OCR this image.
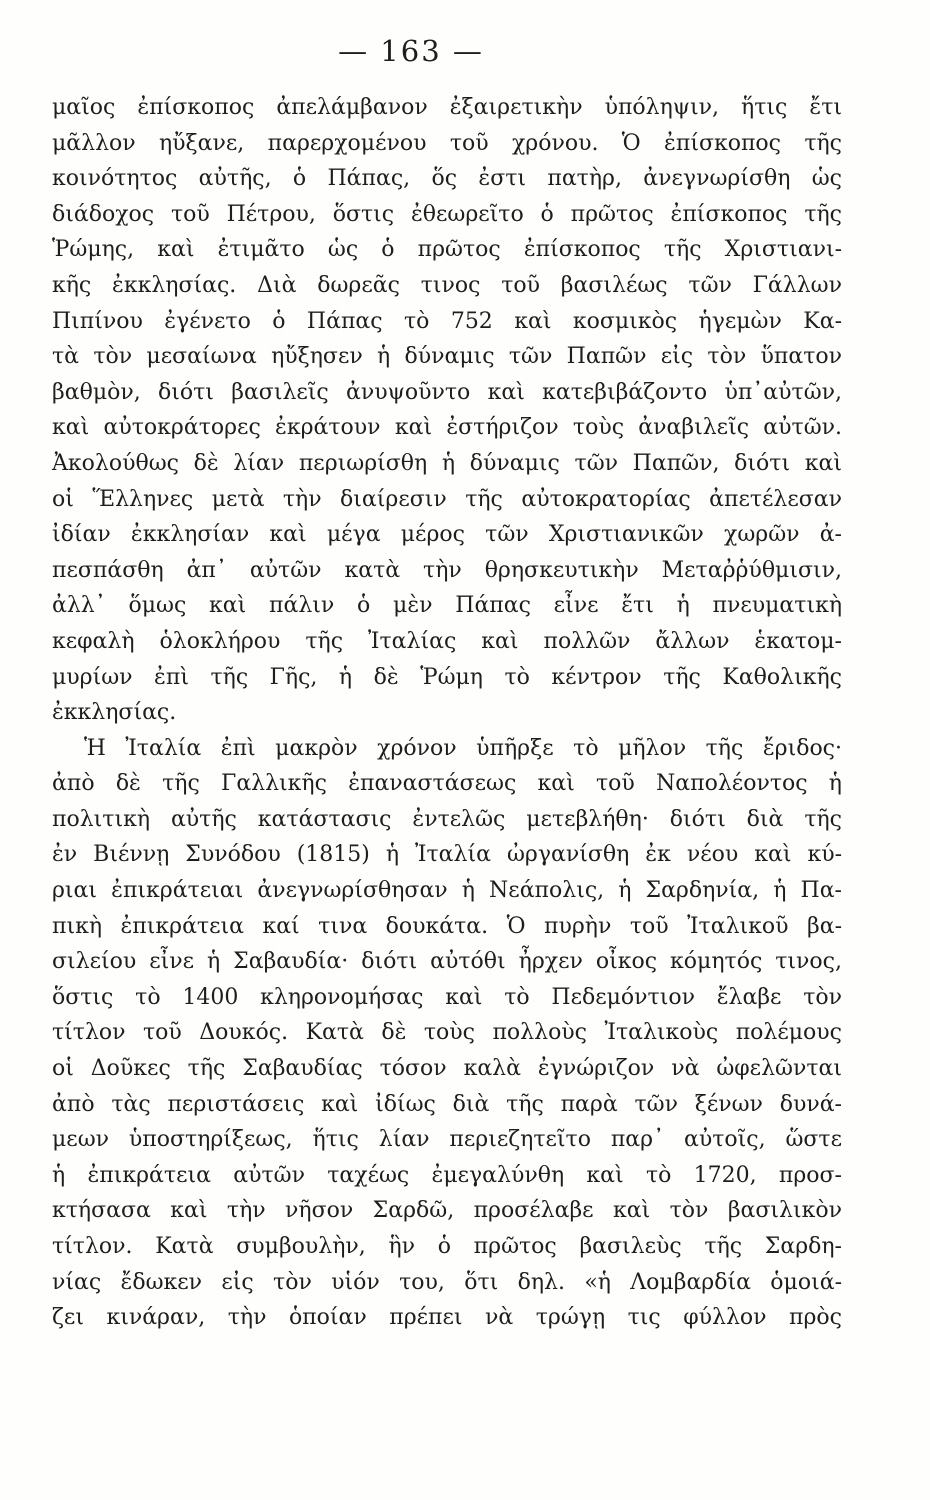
— 163 —
μαῖος ἐπίσκοπος ἀπελάμβανον ἐξαιρετικὴν ὑπόληψιν, ἥτις ἔτι
μᾶλλον ηὔξανε, παρερχομένου τοῦ χρόνου. Ὁ ἐπίσκοπος τῆς
κοινότητος αὐτῆς, ὁ Πάπας, ὅς ἐστι πατὴρ, ἀνεγνωρίσθη ὡς
διάδοχος τοῦ Πέτρου, ὅστις ἐθεωρεῖτο ὁ πρῶτος ἐπίσκοπος τῆς
Ῥώμης, καὶ ἐτιμᾶτο ὡς ὁ πρῶτος ἐπίσκοπος τῆς Χριστιανι-
κῆς ἐκκλησίας. Διὰ δωρεᾶς τινος τοῦ βασιλέως τῶν Γάλλων
Πιπίνου ἐγένετο ὁ Πάπας τὸ 752 καὶ κοσμικὸς ἡγεμὼν Κα-
τὰ τὸν μεσαίωνα ηὔξησεν ἡ δύναμις τῶν Παπῶν εἰς τὸν ὕπατον
βαθμὸν, διότι βασιλεῖς ἀνυψοῦντο καὶ κατεβιβάζοντο ὑπ᾽αὐτῶν,
καὶ αὐτοκράτορες ἐκράτουν καὶ ἐστήριζον τοὺς ἀναβιλεῖς αὐτῶν.
Ἀκολούθως δὲ λίαν περιωρίσθη ἡ δύναμις τῶν Παπῶν, διότι καὶ
οἱ Ἕλληνες μετὰ τὴν διαίρεσιν τῆς αὐτοκρατορίας ἀπετέλεσαν
ἰδίαν ἐκκλησίαν καὶ μέγα μέρος τῶν Χριστιανικῶν χωρῶν ἀ-
πεσπάσθη ἀπ᾽ αὐτῶν κατὰ τὴν θρησκευτικὴν Μεταῤῥύθμισιν,
ἀλλ᾽ ὅμως καὶ πάλιν ὁ μὲν Πάπας εἶνε ἔτι ἡ πνευματικὴ
κεφαλὴ ὁλοκλήρου τῆς Ἰταλίας καὶ πολλῶν ἄλλων ἑκατομ-
μυρίων ἐπὶ τῆς Γῆς, ἡ δὲ Ῥώμη τὸ κέντρον τῆς Καθολικῆς
ἐκκλησίας.
Ἡ Ἰταλία ἐπὶ μακρὸν χρόνον ὑπῆρξε τὸ μῆλον τῆς ἔριδος·
ἀπὸ δὲ τῆς Γαλλικῆς ἐπαναστάσεως καὶ τοῦ Ναπολέοντος ἡ
πολιτικὴ αὐτῆς κατάστασις ἐντελῶς μετεβλήθη· διότι διὰ τῆς
ἐν Βιέννῃ Συνόδου (1815) ἡ Ἰταλία ὠργανίσθη ἐκ νέου καὶ κύ-
ριαι ἐπικράτειαι ἀνεγνωρίσθησαν ἡ Νεάπολις, ἡ Σαρδηνία, ἡ Πα-
πικὴ ἐπικράτεια καί τινα δουκάτα. Ὁ πυρὴν τοῦ Ἰταλικοῦ βα-
σιλείου εἶνε ἡ Σαβαυδία· διότι αὐτόθι ἦρχεν οἶκος κόμητός τινος,
ὅστις τὸ 1400 κληρονομήσας καὶ τὸ Πεδεμόντιον ἔλαβε τὸν
τίτλον τοῦ Δουκός. Κατὰ δὲ τοὺς πολλοὺς Ἰταλικοὺς πολέμους
οἱ Δοῦκες τῆς Σαβαυδίας τόσον καλὰ ἐγνώριζον νὰ ὠφελῶνται
ἀπὸ τὰς περιστάσεις καὶ ἰδίως διὰ τῆς παρὰ τῶν ξένων δυνά-
μεων ὑποστηρίξεως, ἥτις λίαν περιεζητεῖτο παρ᾽ αὐτοῖς, ὥστε
ἡ ἐπικράτεια αὐτῶν ταχέως ἐμεγαλύνθη καὶ τὸ 1720, προσ-
κτήσασα καὶ τὴν νῆσον Σαρδῶ, προσέλαβε καὶ τὸν βασιλικὸν
τίτλον. Κατὰ συμβουλὴν, ἣν ὁ πρῶτος βασιλεὺς τῆς Σαρδη-
νίας ἔδωκεν εἰς τὸν υἱόν του, ὅτι δηλ. «ἡ Λομβαρδία ὁμοιά-
ζει κινάραν, τὴν ὁποίαν πρέπει νὰ τρώγῃ τις φύλλον πρὸς
